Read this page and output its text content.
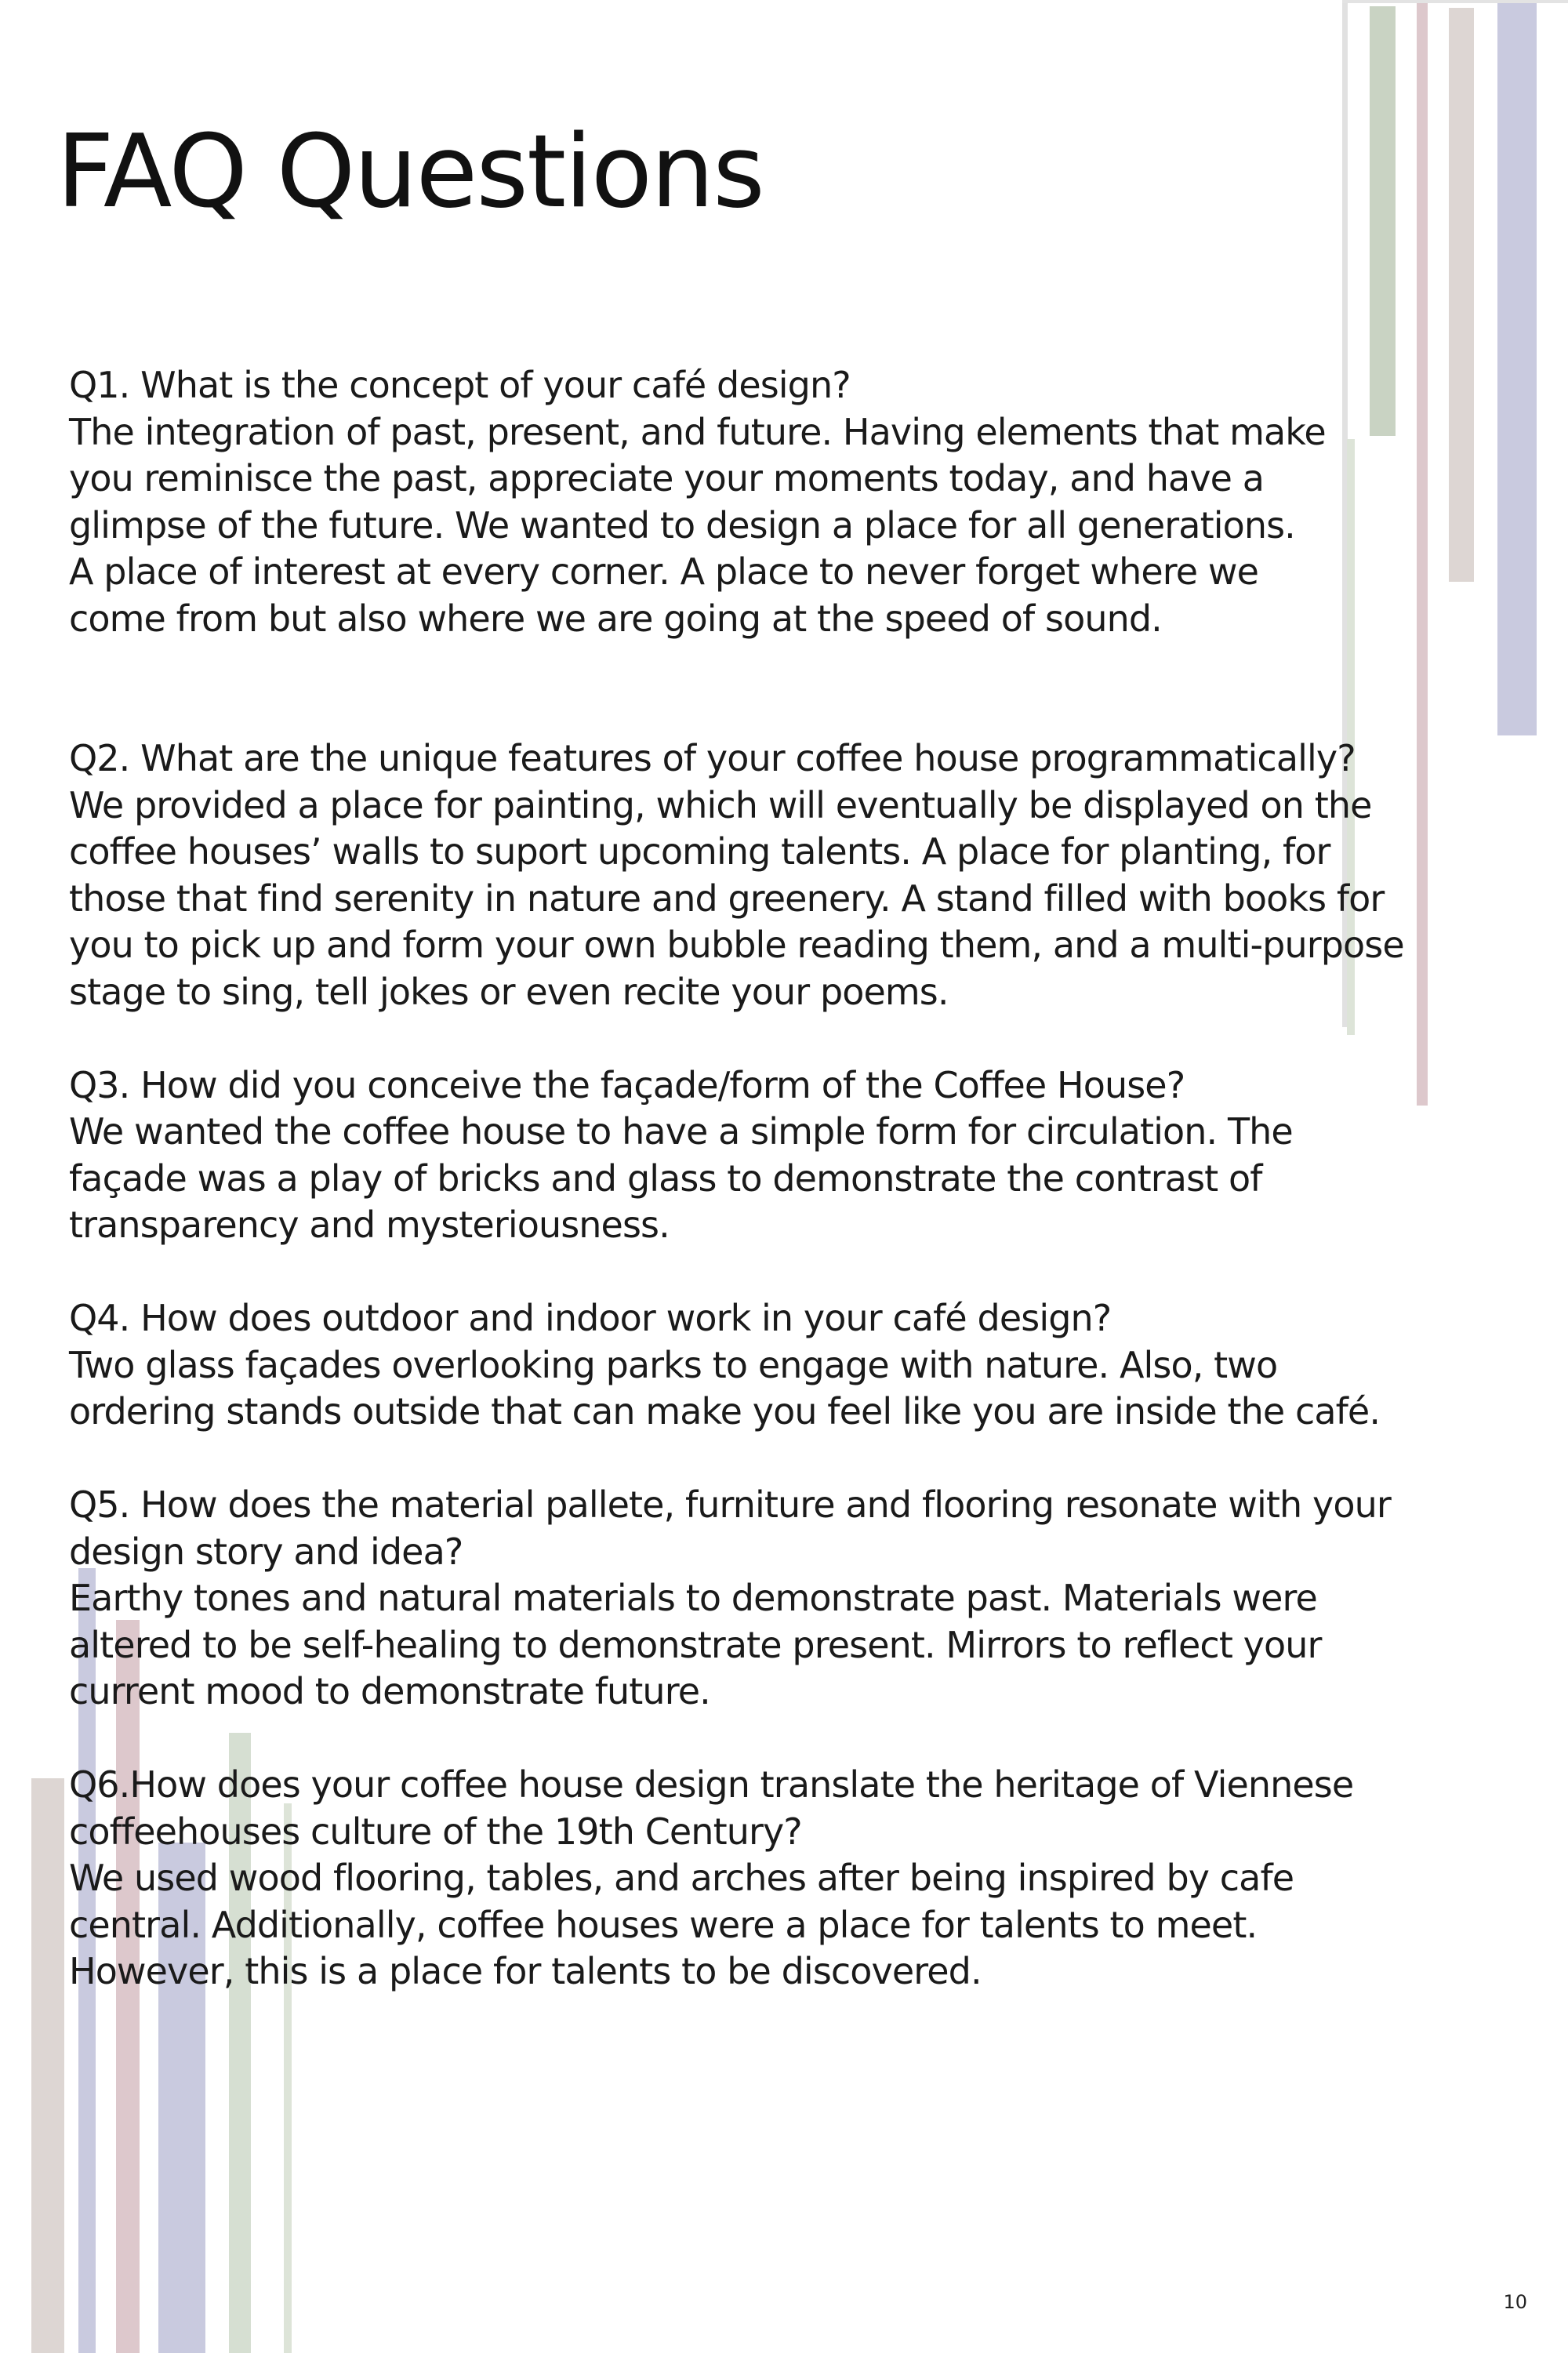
FAQ Questions
Q1. What is the concept of your café design?
The integration of past, present, and future. Having elements that make
you reminisce the past, appreciate your moments today, and have a
glimpse of the future. We wanted to design a place for all generations.
A place of interest at every corner. A place to never forget where we
come from but also where we are going at the speed of sound.
Q2. What are the unique features of your coffee house programmatically?
We provided a place for painting, which will eventually be displayed on the
coffee houses’ walls to suport upcoming talents. A place for planting, for
those that find serenity in nature and greenery. A stand filled with books for
you to pick up and form your own bubble reading them, and a multi-purpose
stage to sing, tell jokes or even recite your poems.
Q3. How did you conceive the façade/form of the Coffee House?
We wanted the coffee house to have a simple form for circulation. The
façade was a play of bricks and glass to demonstrate the contrast of
transparency and mysteriousness.
Q4. How does outdoor and indoor work in your café design?
Two glass façades overlooking parks to engage with nature. Also, two
ordering stands outside that can make you feel like you are inside the café.
Q5. How does the material pallete, furniture and flooring resonate with your
design story and idea?
Earthy tones and natural materials to demonstrate past. Materials were
altered to be self-healing to demonstrate present. Mirrors to reflect your
current mood to demonstrate future.
Q6.How does your coffee house design translate the heritage of Viennese
coffeehouses culture of the 19th Century?
We used wood flooring, tables, and arches after being inspired by cafe
central. Additionally, coffee houses were a place for talents to meet.
However, this is a place for talents to be discovered.
10
